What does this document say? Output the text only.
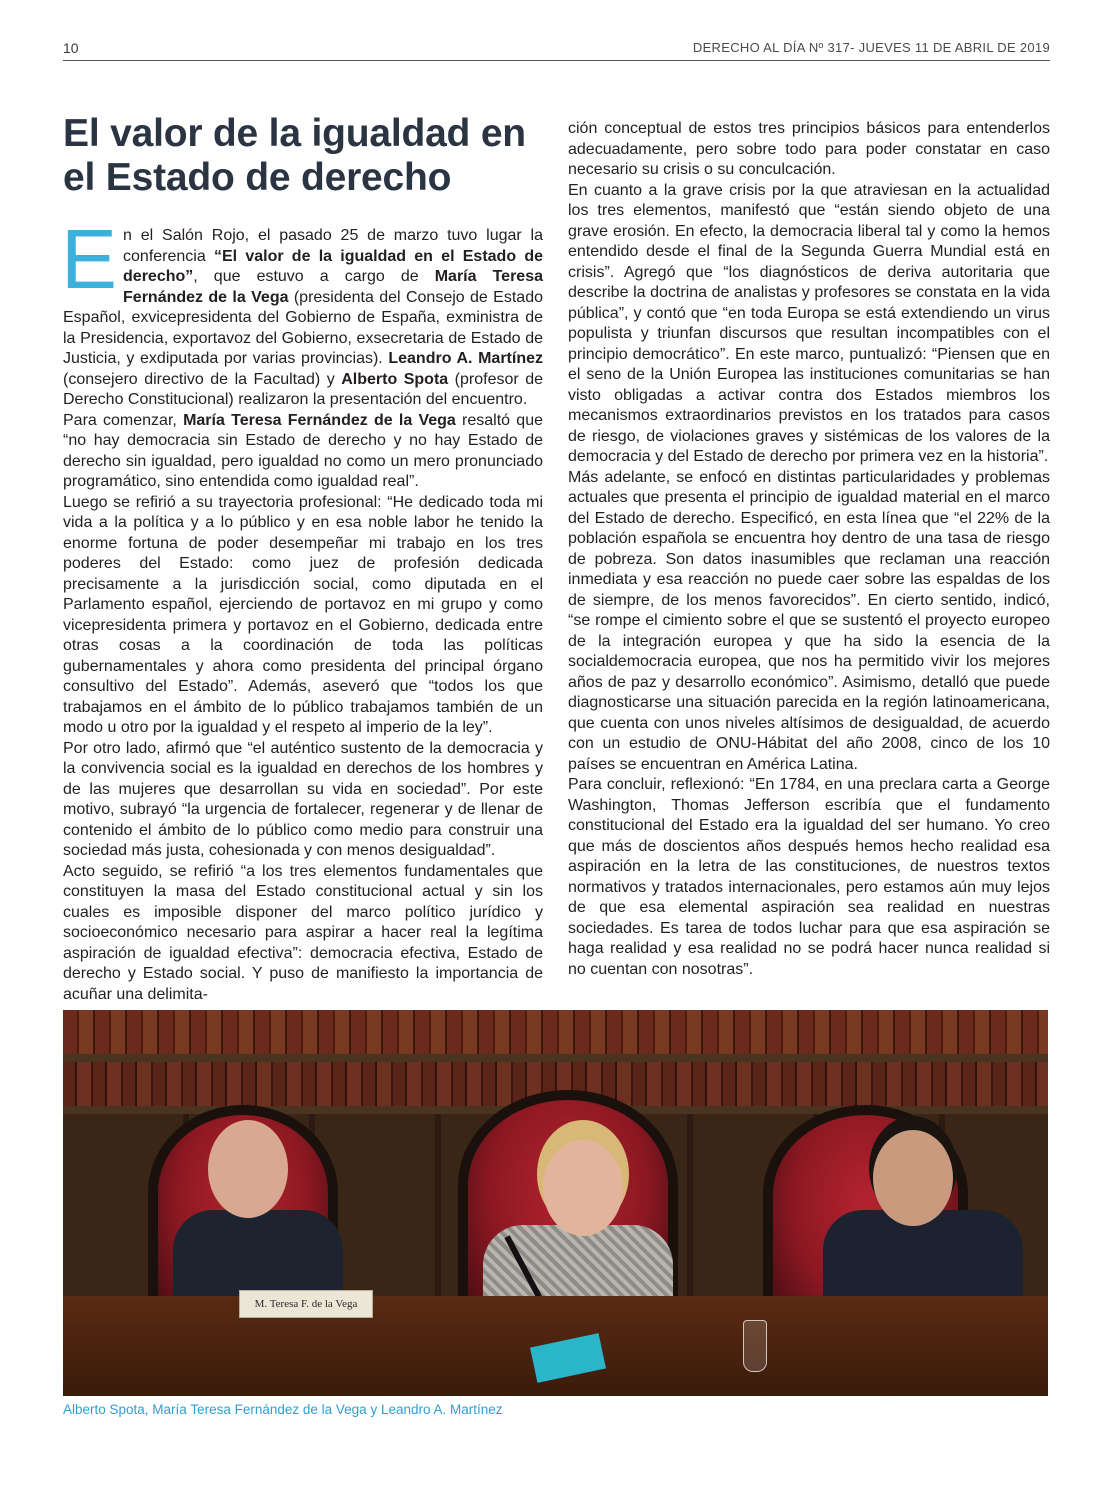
10	DERECHO AL DÍA Nº 317- JUEVES 11 DE ABRIL DE 2019
El valor de la igualdad en el Estado de derecho

En el Salón Rojo, el pasado 25 de marzo tuvo lugar la conferencia “El valor de la igualdad en el Estado de derecho”, que estuvo a cargo de María Teresa Fernández de la Vega (presidenta del Consejo de Estado Español, exvicepresidenta del Gobierno de España, exministra de la Presidencia, exportavoz del Gobierno, exsecretaria de Estado de Justicia, y exdiputada por varias provincias). Leandro A. Martínez (consejero directivo de la Facultad) y Alberto Spota (profesor de Derecho Constitucional) realizaron la presentación del encuentro.

Para comenzar, María Teresa Fernández de la Vega resaltó que “no hay democracia sin Estado de derecho y no hay Estado de derecho sin igualdad, pero igualdad no como un mero pronunciado programático, sino entendida como igualdad real”.

Luego se refirió a su trayectoria profesional: “He dedicado toda mi vida a la política y a lo público y en esa noble labor he tenido la enorme fortuna de poder desempeñar mi trabajo en los tres poderes del Estado: como juez de profesión dedicada precisamente a la jurisdicción social, como diputada en el Parlamento español, ejerciendo de portavoz en mi grupo y como vicepresidenta primera y portavoz en el Gobierno, dedicada entre otras cosas a la coordinación de toda las políticas gubernamentales y ahora como presidenta del principal órgano consultivo del Estado”. Además, aseveró que “todos los que trabajamos en el ámbito de lo público trabajamos también de un modo u otro por la igualdad y el respeto al imperio de la ley”.

Por otro lado, afirmó que “el auténtico sustento de la democracia y la convivencia social es la igualdad en derechos de los hombres y de las mujeres que desarrollan su vida en sociedad”. Por este motivo, subrayó “la urgencia de fortalecer, regenerar y de llenar de contenido el ámbito de lo público como medio para construir una sociedad más justa, cohesionada y con menos desigualdad”.

Acto seguido, se refirió “a los tres elementos fundamentales que constituyen la masa del Estado constitucional actual y sin los cuales es imposible disponer del marco político jurídico y socioeconómico necesario para aspirar a hacer real la legítima aspiración de igualdad efectiva”: democracia efectiva, Estado de derecho y Estado social. Y puso de manifiesto la importancia de acuñar una delimita-

ción conceptual de estos tres principios básicos para entenderlos adecuadamente, pero sobre todo para poder constatar en caso necesario su crisis o su conculcación.

En cuanto a la grave crisis por la que atraviesan en la actualidad los tres elementos, manifestó que “están siendo objeto de una grave erosión. En efecto, la democracia liberal tal y como la hemos entendido desde el final de la Segunda Guerra Mundial está en crisis”. Agregó que “los diagnósticos de deriva autoritaria que describe la doctrina de analistas y profesores se constata en la vida pública”, y contó que “en toda Europa se está extendiendo un virus populista y triunfan discursos que resultan incompatibles con el principio democrático”. En este marco, puntualizó: “Piensen que en el seno de la Unión Europea las instituciones comunitarias se han visto obligadas a activar contra dos Estados miembros los mecanismos extraordinarios previstos en los tratados para casos de riesgo, de violaciones graves y sistémicas de los valores de la democracia y del Estado de derecho por primera vez en la historia”.

Más adelante, se enfocó en distintas particularidades y problemas actuales que presenta el principio de igualdad material en el marco del Estado de derecho. Especificó, en esta línea que “el 22% de la población española se encuentra hoy dentro de una tasa de riesgo de pobreza. Son datos inasumibles que reclaman una reacción inmediata y esa reacción no puede caer sobre las espaldas de los de siempre, de los menos favorecidos”. En cierto sentido, indicó, “se rompe el cimiento sobre el que se sustentó el proyecto europeo de la integración europea y que ha sido la esencia de la socialdemocracia europea, que nos ha permitido vivir los mejores años de paz y desarrollo económico”. Asimismo, detalló que puede diagnosticarse una situación parecida en la región latinoamericana, que cuenta con unos niveles altísimos de desigualdad, de acuerdo con un estudio de ONU-Hábitat del año 2008, cinco de los 10 países se encuentran en América Latina.

Para concluir, reflexionó: “En 1784, en una preclara carta a George Washington, Thomas Jefferson escribía que el fundamento constitucional del Estado era la igualdad del ser humano. Yo creo que más de doscientos años después hemos hecho realidad esa aspiración en la letra de las constituciones, de nuestros textos normativos y tratados internacionales, pero estamos aún muy lejos de que esa elemental aspiración sea realidad en nuestras sociedades. Es tarea de todos luchar para que esa aspiración se haga realidad y esa realidad no se podrá hacer nunca realidad si no cuentan con nosotras”.

M. Teresa F. de la Vega
Alberto Spota, María Teresa Fernández de la Vega y Leandro A. Martínez
